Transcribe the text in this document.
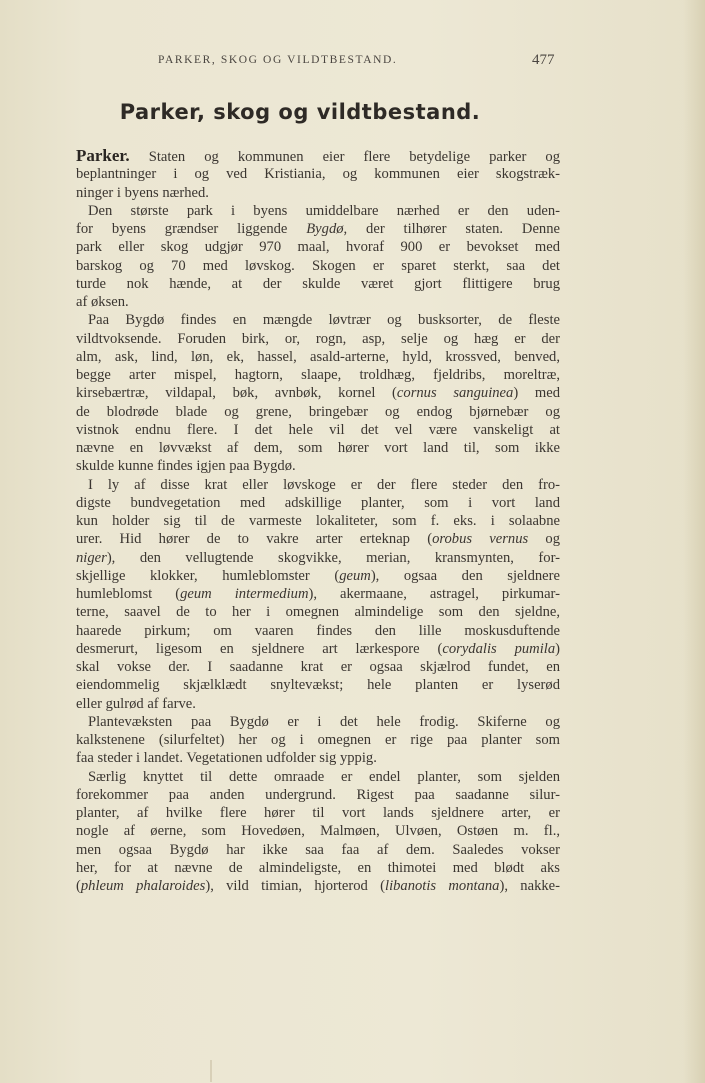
PARKER, SKOG OG VILDTBESTAND.	477
Parker, skog og vildtbestand.
Parker. Staten og kommunen eier flere betydelige parker og
beplantninger i og ved Kristiania, og kommunen eier skogstræk-
ninger i byens nærhed.
Den største park i byens umiddelbare nærhed er den uden-
for byens grændser liggende Bygdø, der tilhører staten. Denne
park eller skog udgjør 970 maal, hvoraf 900 er bevokset med
barskog og 70 med løvskog. Skogen er sparet sterkt, saa det
turde nok hænde, at der skulde været gjort flittigere brug
af øksen.
Paa Bygdø findes en mængde løvtrær og busksorter, de fleste
vildtvoksende. Foruden birk, or, rogn, asp, selje og hæg er der
alm, ask, lind, løn, ek, hassel, asald-arterne, hyld, krossved, benved,
begge arter mispel, hagtorn, slaape, troldhæg, fjeldribs, moreltræ,
kirsebærtræ, vildapal, bøk, avnbøk, kornel (cornus sanguinea) med
de blodrøde blade og grene, bringebær og endog bjørnebær og
vistnok endnu flere. I det hele vil det vel være vanskeligt at
nævne en løvvækst af dem, som hører vort land til, som ikke
skulde kunne findes igjen paa Bygdø.
I ly af disse krat eller løvskoge er der flere steder den fro-
digste bundvegetation med adskillige planter, som i vort land
kun holder sig til de varmeste lokaliteter, som f. eks. i solaabne
urer. Hid hører de to vakre arter erteknap (orobus vernus og
niger), den vellugtende skogvikke, merian, kransmynten, for-
skjellige klokker, humleblomster (geum), ogsaa den sjeldnere
humleblomst (geum intermedium), akermaane, astragel, pirkumar-
terne, saavel de to her i omegnen almindelige som den sjeldne,
haarede pirkum; om vaaren findes den lille moskusduftende
desmerurt, ligesom en sjeldnere art lærkespore (corydalis pumila)
skal vokse der. I saadanne krat er ogsaa skjælrod fundet, en
eiendommelig skjælklædt snyltevækst; hele planten er lyserød
eller gulrød af farve.
Plantevæksten paa Bygdø er i det hele frodig. Skiferne og
kalkstenene (silurfeltet) her og i omegnen er rige paa planter som
faa steder i landet. Vegetationen udfolder sig yppig.
Særlig knyttet til dette omraade er endel planter, som sjelden
forekommer paa anden undergrund. Rigest paa saadanne silur-
planter, af hvilke flere hører til vort lands sjeldnere arter, er
nogle af øerne, som Hovedøen, Malmøen, Ulvøen, Ostøen m. fl.,
men ogsaa Bygdø har ikke saa faa af dem. Saaledes vokser
her, for at nævne de almindeligste, en thimotei med blødt aks
(phleum phalaroides), vild timian, hjorterod (libanotis montana), nakke-
